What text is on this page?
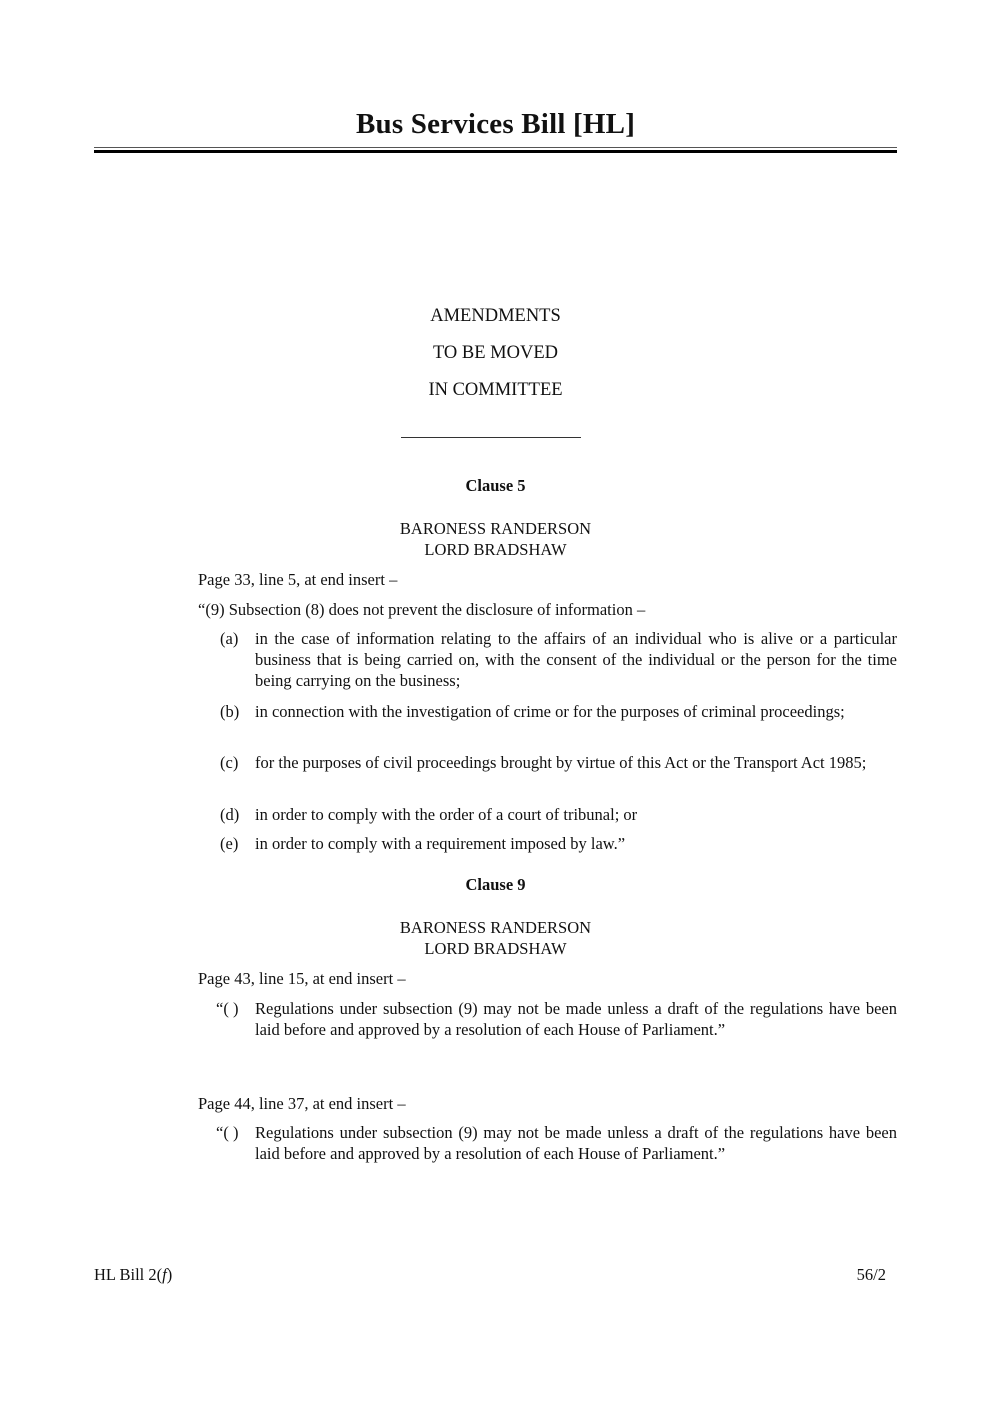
Bus Services Bill [HL]
AMENDMENTS
TO BE MOVED
IN COMMITTEE
Clause 5
BARONESS RANDERSON
LORD BRADSHAW
Page 33, line 5, at end insert –
“(9) Subsection (8) does not prevent the disclosure of information –
(a)	in the case of information relating to the affairs of an individual who is alive or a particular business that is being carried on, with the consent of the individual or the person for the time being carrying on the business;
(b) in connection with the investigation of crime or for the purposes of criminal proceedings;
(c)	for the purposes of civil proceedings brought by virtue of this Act or the Transport Act 1985;
(d) in order to comply with the order of a court of tribunal; or
(e)	in order to comply with a requirement imposed by law.”
Clause 9
BARONESS RANDERSON
LORD BRADSHAW
Page 43, line 15, at end insert –
“( ) Regulations under subsection (9) may not be made unless a draft of the regulations have been laid before and approved by a resolution of each House of Parliament.”
Page 44, line 37, at end insert –
“( ) Regulations under subsection (9) may not be made unless a draft of the regulations have been laid before and approved by a resolution of each House of Parliament.”
HL Bill 2(f)	56/2
